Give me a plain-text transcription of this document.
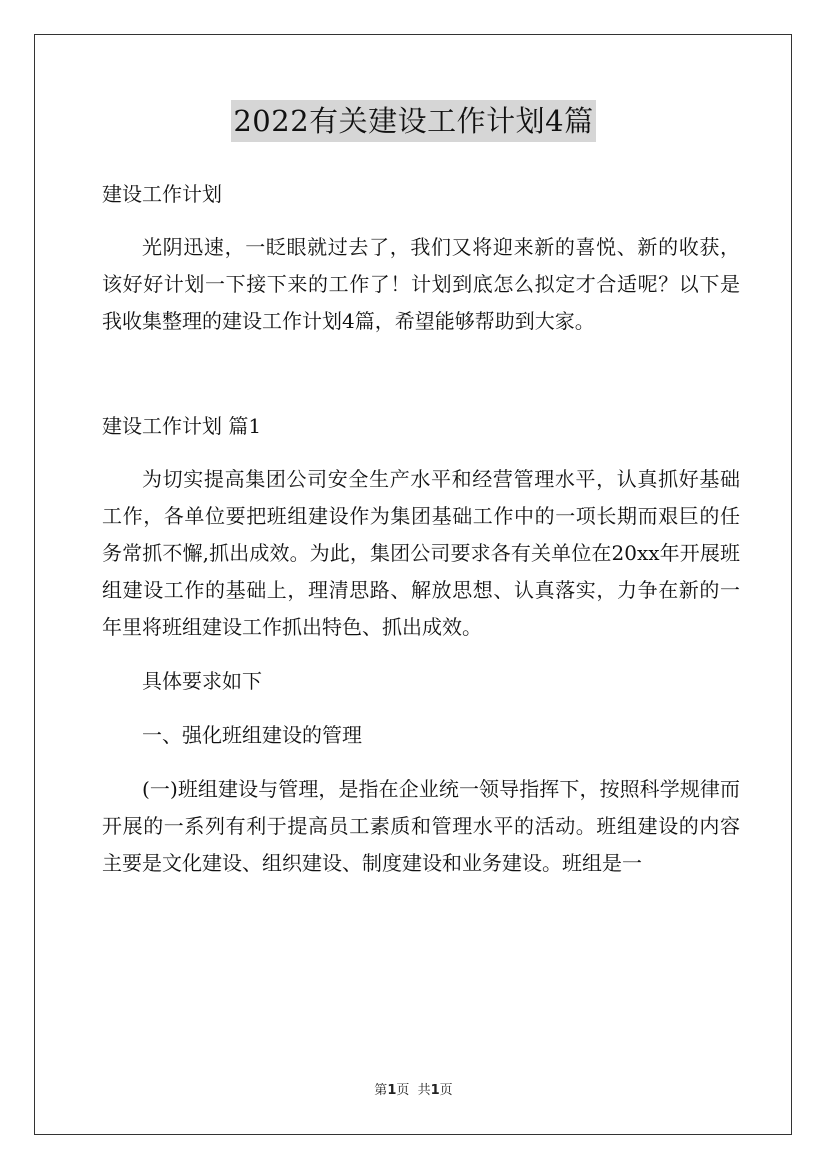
2022有关建设工作计划4篇

建设工作计划

光阴迅速，一眨眼就过去了，我们又将迎来新的喜悦、新的收获，该好好计划一下接下来的工作了！计划到底怎么拟定才合适呢？以下是我收集整理的建设工作计划4篇，希望能够帮助到大家。

建设工作计划 篇1

为切实提高集团公司安全生产水平和经营管理水平，认真抓好基础工作，各单位要把班组建设作为集团基础工作中的一项长期而艰巨的任务常抓不懈,抓出成效。为此，集团公司要求各有关单位在20xx年开展班组建设工作的基础上，理清思路、解放思想、认真落实，力争在新的一年里将班组建设工作抓出特色、抓出成效。

具体要求如下

一、强化班组建设的管理

(一)班组建设与管理，是指在企业统一领导指挥下，按照科学规律而开展的一系列有利于提高员工素质和管理水平的活动。班组建设的内容主要是文化建设、组织建设、制度建设和业务建设。班组是一

第1页  共1页
